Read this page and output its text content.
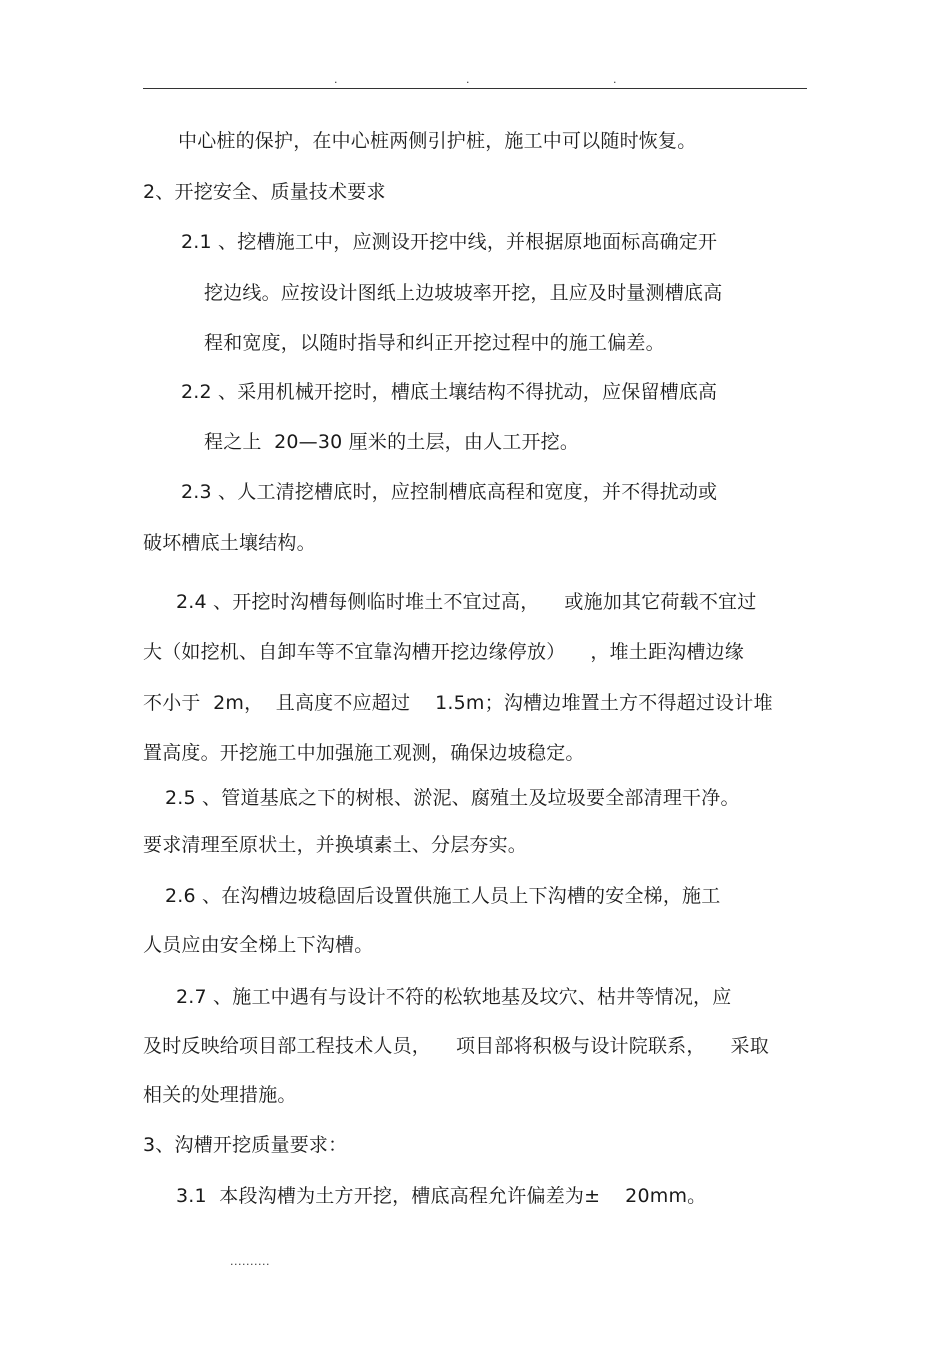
.	.	.
中心桩的保护，在中心桩两侧引护桩，施工中可以随时恢复。
2、开挖安全、质量技术要求
2.1 、挖槽施工中，应测设开挖中线，并根据原地面标高确定开
挖边线。应按设计图纸上边坡坡率开挖，且应及时量测槽底高
程和宽度，以随时指导和纠正开挖过程中的施工偏差。
2.2 、采用机械开挖时，槽底土壤结构不得扰动，应保留槽底高
程之上  20—30 厘米的土层，由人工开挖。
2.3 、人工清挖槽底时，应控制槽底高程和宽度，并不得扰动或
破坏槽底土壤结构。
2.4 、开挖时沟槽每侧临时堆土不宜过高，    或施加其它荷载不宜过
大（如挖机、自卸车等不宜靠沟槽开挖边缘停放）    ，堆土距沟槽边缘
不小于  2m，  且高度不应超过    1.5m；沟槽边堆置土方不得超过设计堆
置高度。开挖施工中加强施工观测，确保边坡稳定。
2.5 、管道基底之下的树根、淤泥、腐殖土及垃圾要全部清理干净。
要求清理至原状土，并换填素土、分层夯实。
2.6 、在沟槽边坡稳固后设置供施工人员上下沟槽的安全梯，施工
人员应由安全梯上下沟槽。
2.7 、施工中遇有与设计不符的松软地基及坟穴、枯井等情况，应
及时反映给项目部工程技术人员，    项目部将积极与设计院联系，    采取
相关的处理措施。
3、沟槽开挖质量要求：
3.1  本段沟槽为土方开挖，槽底高程允许偏差为±    20mm。
..........
